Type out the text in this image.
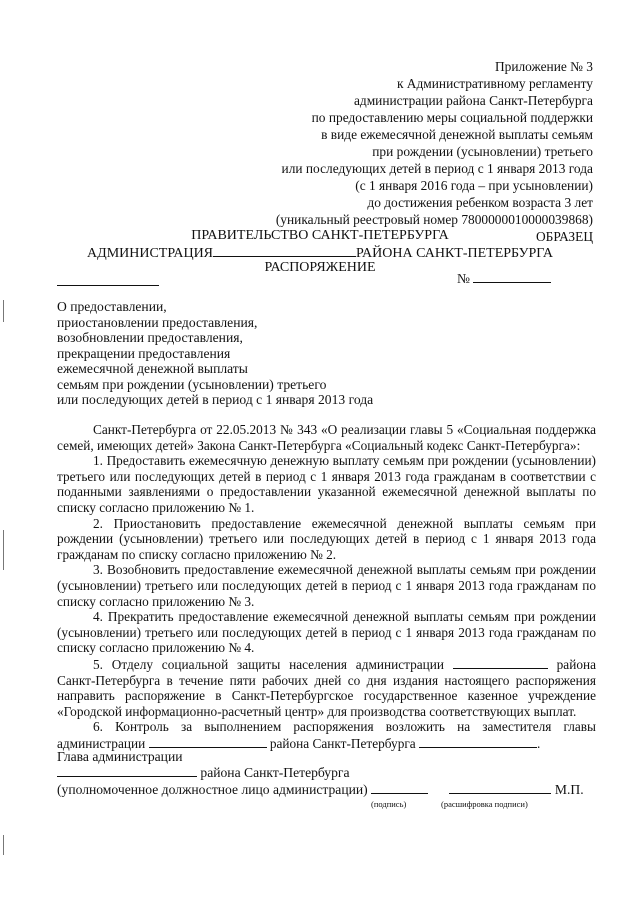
Приложение № 3
к Административному регламенту
администрации района Санкт-Петербурга
по предоставлению меры социальной поддержки
в виде ежемесячной денежной выплаты семьям
при рождении (усыновлении) третьего
или последующих детей в период с 1 января 2013 года
(с 1 января 2016 года – при усыновлении)
до достижения ребенком возраста 3 лет
(уникальный реестровый номер 7800000010000039868)
ОБРАЗЕЦ
ПРАВИТЕЛЬСТВО САНКТ-ПЕТЕРБУРГА
АДМИНИСТРАЦИЯ	РАЙОНА САНКТ-ПЕТЕРБУРГА
РАСПОРЯЖЕНИЕ
№
О предоставлении,
приостановлении предоставления,
возобновлении предоставления,
прекращении предоставления
ежемесячной денежной выплаты
семьям при рождении (усыновлении) третьего
или последующих детей в период с 1 января 2013 года

Санкт-Петербурга от 22.05.2013 № 343 «О реализации главы 5 «Социальная поддержка семей, имеющих детей» Закона Санкт-Петербурга «Социальный кодекс Санкт-Петербурга»:

1. Предоставить ежемесячную денежную выплату семьям при рождении (усыновлении) третьего или последующих детей в период с 1 января 2013 года гражданам в соответствии с поданными заявлениями о предоставлении указанной ежемесячной денежной выплаты по списку согласно приложению № 1.

2. Приостановить предоставление ежемесячной денежной выплаты семьям при рождении (усыновлении) третьего или последующих детей в период с 1 января 2013 года гражданам по списку согласно приложению № 2.

3. Возобновить предоставление ежемесячной денежной выплаты семьям при рождении (усыновлении) третьего или последующих детей в период с 1 января 2013 года гражданам по списку согласно приложению № 3.

4. Прекратить предоставление ежемесячной денежной выплаты семьям при рождении (усыновлении) третьего или последующих детей в период с 1 января 2013 года гражданам по списку согласно приложению № 4.

5. Отделу социальной защиты населения администрации	района Санкт-Петербурга в течение пяти рабочих дней со дня издания настоящего распоряжения направить распоряжение в Санкт-Петербургское государственное казенное учреждение «Городской информационно-расчетный центр» для производства соответствующих выплат.

6. Контроль за выполнением распоряжения возложить на заместителя главы администрации	района Санкт-Петербурга	.

Глава администрации
района Санкт-Петербурга
(уполномоченное должностное лицо администрации)	М.П.
(подпись)	(расшифровка подписи)
